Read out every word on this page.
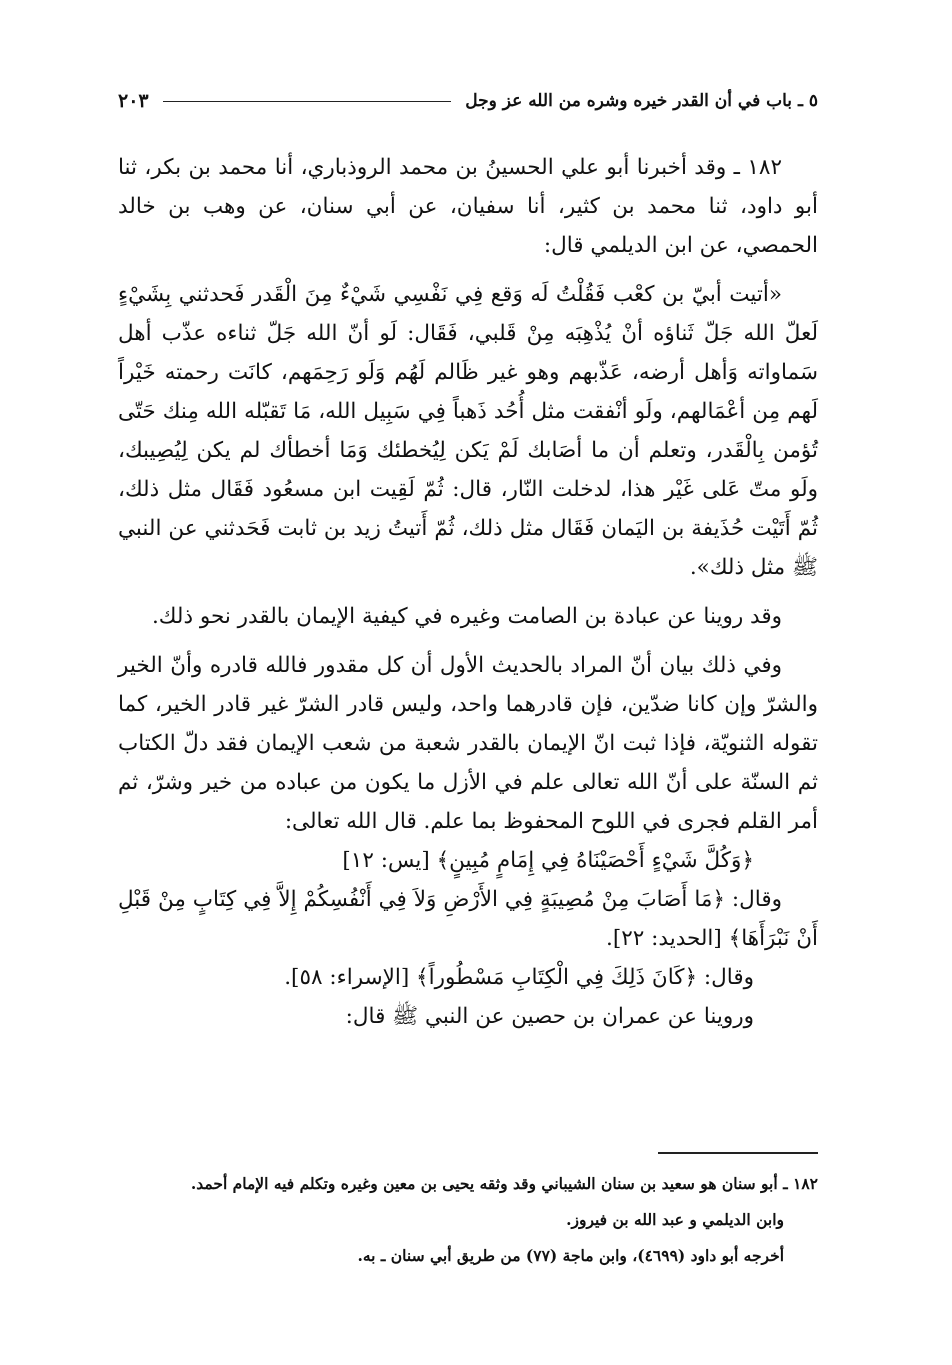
٥ ـ باب في أن القدر خيره وشره من الله عز وجل
٢٠٣

١٨٢ ـ وقد أخبرنا أبو علي الحسينُ بن محمد الروذباري، أنا محمد بن بكر، ثنا أبو داود، ثنا محمد بن كثير، أنا سفيان، عن أبي سنان، عن وهب بن خالد الحمصي، عن ابن الديلمي قال:

«أتيت أبيّ بن كعْب فَقُلْتُ لَه وَقع فِي نَفْسِي شَيْءٌ مِنَ الْقَدر فَحدثني بِشَيْءٍ لَعلّ الله جَلّ ثَناؤه أنْ يُذْهِبَه مِنْ قَلبي، فَقَال: لَو أنّ الله جَلّ ثناءه عذّب أهل سَماواته وَأهل أرضه، عَذّبهم وهو غير ظَالم لَهُم وَلَو رَحِمَهم، كانَت رحمته خَيْراً لَهم مِن أعْمَالهم، ولَو أنْفقت مثل أُحُد ذَهباً فِي سَبِيل الله، مَا تَقبّله الله مِنك حَتّى تُؤمن بِالْقَدر، وتعلم أن ما أصَابك لَمْ يَكن لِيُخطئك وَمَا أخطأك لم يكن لِيُصِيبك، ولَو متّ عَلى غَيْر هذا، لدخلت النّار، قال: ثُمّ لَقِيت ابن مسعُود فَقَال مثل ذلك، ثُمّ أَتَيْت حُذَيفة بن اليَمان فَقَال مثل ذلك، ثُمّ أَتيتُ زيد بن ثابت فَحَدثني عن النبي ﷺ مثل ذلك».

وقد روينا عن عبادة بن الصامت وغيره في كيفية الإيمان بالقدر نحو ذلك.

وفي ذلك بيان أنّ المراد بالحديث الأول أن كل مقدور فالله قادره وأنّ الخير والشرّ وإن كانا ضدّين، فإن قادرهما واحد، وليس قادر الشرّ غير قادر الخير، كما تقوله الثنويّة، فإذا ثبت انّ الإيمان بالقدر شعبة من شعب الإيمان فقد دلّ الكتاب ثم السنّة على أنّ الله تعالى علم في الأزل ما يكون من عباده من خير وشرّ، ثم أمر القلم فجرى في اللوح المحفوظ بما علم. قال الله تعالى:

﴿وَكُلَّ شَيْءٍ أَحْصَيْنَاهُ فِي إِمَامٍ مُبِينٍ﴾ [يس: ١٢]

وقال: ﴿مَا أَصَابَ مِنْ مُصِيبَةٍ فِي الأَرْضِ وَلاَ فِي أَنْفُسِكُمْ إِلاَّ فِي كِتَابٍ مِنْ قَبْلِ أَنْ نَبْرَأَهَا﴾ [الحديد: ٢٢].

وقال: ﴿كَانَ ذَلِكَ فِي الْكِتَابِ مَسْطُوراً﴾ [الإسراء: ٥٨].

وروينا عن عمران بن حصين عن النبي ﷺ قال:

١٨٢ ـ أبو سنان هو سعيد بن سنان الشيباني وقد وثقه يحيى بن معين وغيره وتكلم فيه الإمام أحمد.
وابن الديلمي و عبد الله بن فيروز.
أخرجه أبو داود (٤٦٩٩)، وابن ماجة (٧٧) من طريق أبي سنان ـ به.
